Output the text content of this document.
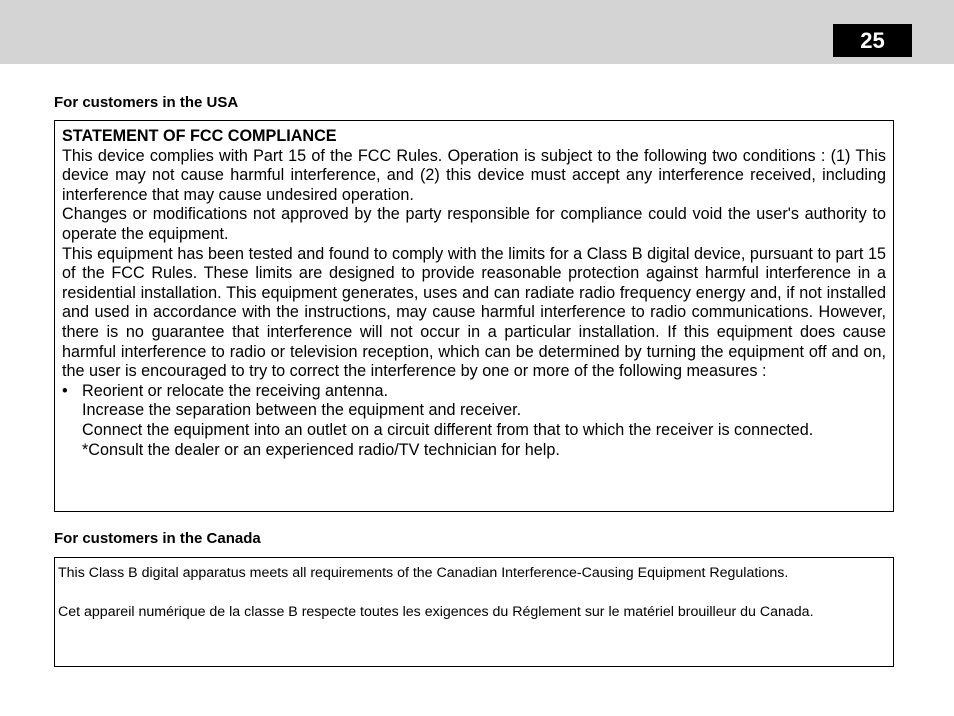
25
For customers in the USA

STATEMENT OF FCC COMPLIANCE

This device complies with Part 15 of the FCC Rules. Operation is subject to the following two conditions : (1) This device may not cause harmful interference, and (2) this device must accept any interference received, including interference that may cause undesired operation.

Changes or modifications not approved by the party responsible for compliance could void the user's authority to operate the equipment.

This equipment has been tested and found to comply with the limits for a Class B digital device, pursuant to part 15 of the FCC Rules. These limits are designed to provide reasonable protection against harmful interference in a residential installation. This equipment generates, uses and can radiate radio frequency energy and, if not installed and used in accordance with the instructions, may cause harmful interference to radio communications. However, there is no guarantee that interference will not occur in a particular installation. If this equipment does cause harmful interference to radio or television reception, which can be determined by turning the equipment off and on, the user is encouraged to try to correct the interference by one or more of the following measures :

• Reorient or relocate the receiving antenna.

Increase the separation between the equipment and receiver.

Connect the equipment into an outlet on a circuit different from that to which the receiver is connected.

*Consult the dealer or an experienced radio/TV technician for help.

For customers in the Canada

This Class B digital apparatus meets all requirements of the Canadian Interference-Causing Equipment Regulations.

Cet appareil numérique de la classe B respecte toutes les exigences du Réglement sur le matériel brouilleur du Canada.
